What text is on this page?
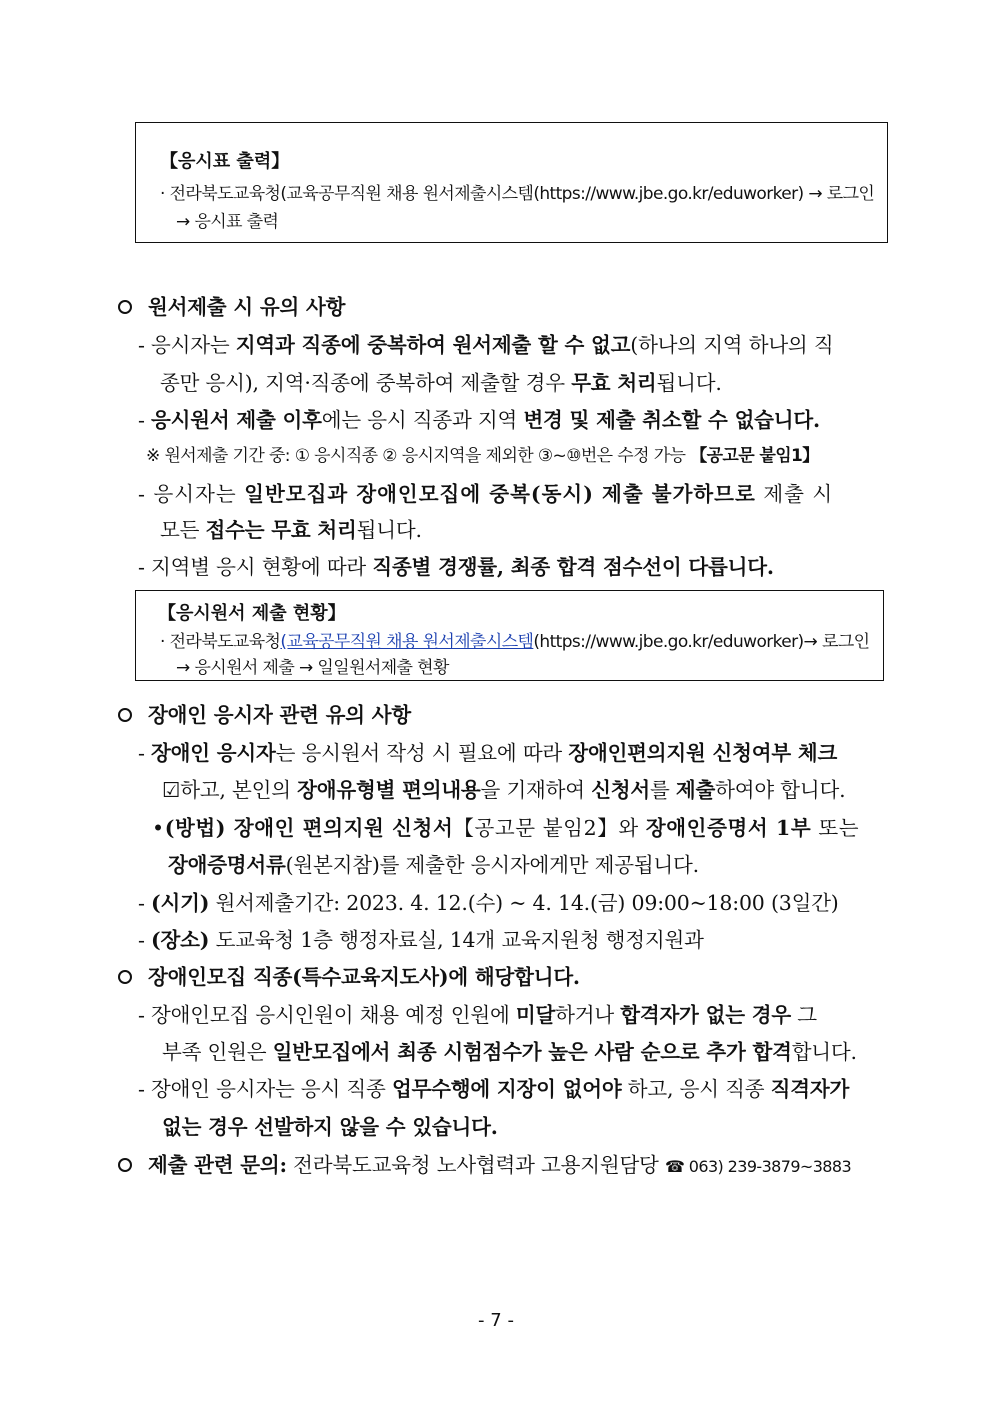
【응시표 출력】
· 전라북도교육청(교육공무직원 채용 원서제출시스템(https://www.jbe.go.kr/eduworker) → 로그인
→ 응시표 출력
원서제출 시 유의 사항
- 응시자는 지역과 직종에 중복하여 원서제출 할 수 없고(하나의 지역 하나의 직
종만 응시), 지역·직종에 중복하여 제출할 경우 무효 처리됩니다.
- 응시원서 제출 이후에는 응시 직종과 지역 변경 및 제출 취소할 수 없습니다.
※ 원서제출 기간 중: ① 응시직종 ② 응시지역을 제외한 ③~⑩번은 수정 가능 【공고문 붙임1】
- 응시자는 일반모집과 장애인모집에 중복(동시) 제출 불가하므로 제출 시
모든 접수는 무효 처리됩니다.
- 지역별 응시 현황에 따라 직종별 경쟁률, 최종 합격 점수선이 다릅니다.
【응시원서 제출 현황】
· 전라북도교육청(교육공무직원 채용 원서제출시스템(https://www.jbe.go.kr/eduworker)→ 로그인
→ 응시원서 제출 → 일일원서제출 현황
장애인 응시자 관련 유의 사항
- 장애인 응시자는 응시원서 작성 시 필요에 따라 장애인편의지원 신청여부 체크
☑하고, 본인의 장애유형별 편의내용을 기재하여 신청서를 제출하여야 합니다.
•(방법) 장애인 편의지원 신청서【공고문 붙임2】와 장애인증명서 1부 또는
장애증명서류(원본지참)를 제출한 응시자에게만 제공됩니다.
- (시기) 원서제출기간: 2023. 4. 12.(수) ~ 4. 14.(금) 09:00~18:00 (3일간)
- (장소) 도교육청 1층 행정자료실, 14개 교육지원청 행정지원과
장애인모집 직종(특수교육지도사)에 해당합니다.
- 장애인모집 응시인원이 채용 예정 인원에 미달하거나 합격자가 없는 경우 그
부족 인원은 일반모집에서 최종 시험점수가 높은 사람 순으로 추가 합격합니다.
- 장애인 응시자는 응시 직종 업무수행에 지장이 없어야 하고, 응시 직종 직격자가
없는 경우 선발하지 않을 수 있습니다.
제출 관련 문의: 전라북도교육청 노사협력과 고용지원담당 ☎ 063) 239-3879~3883
- 7 -
